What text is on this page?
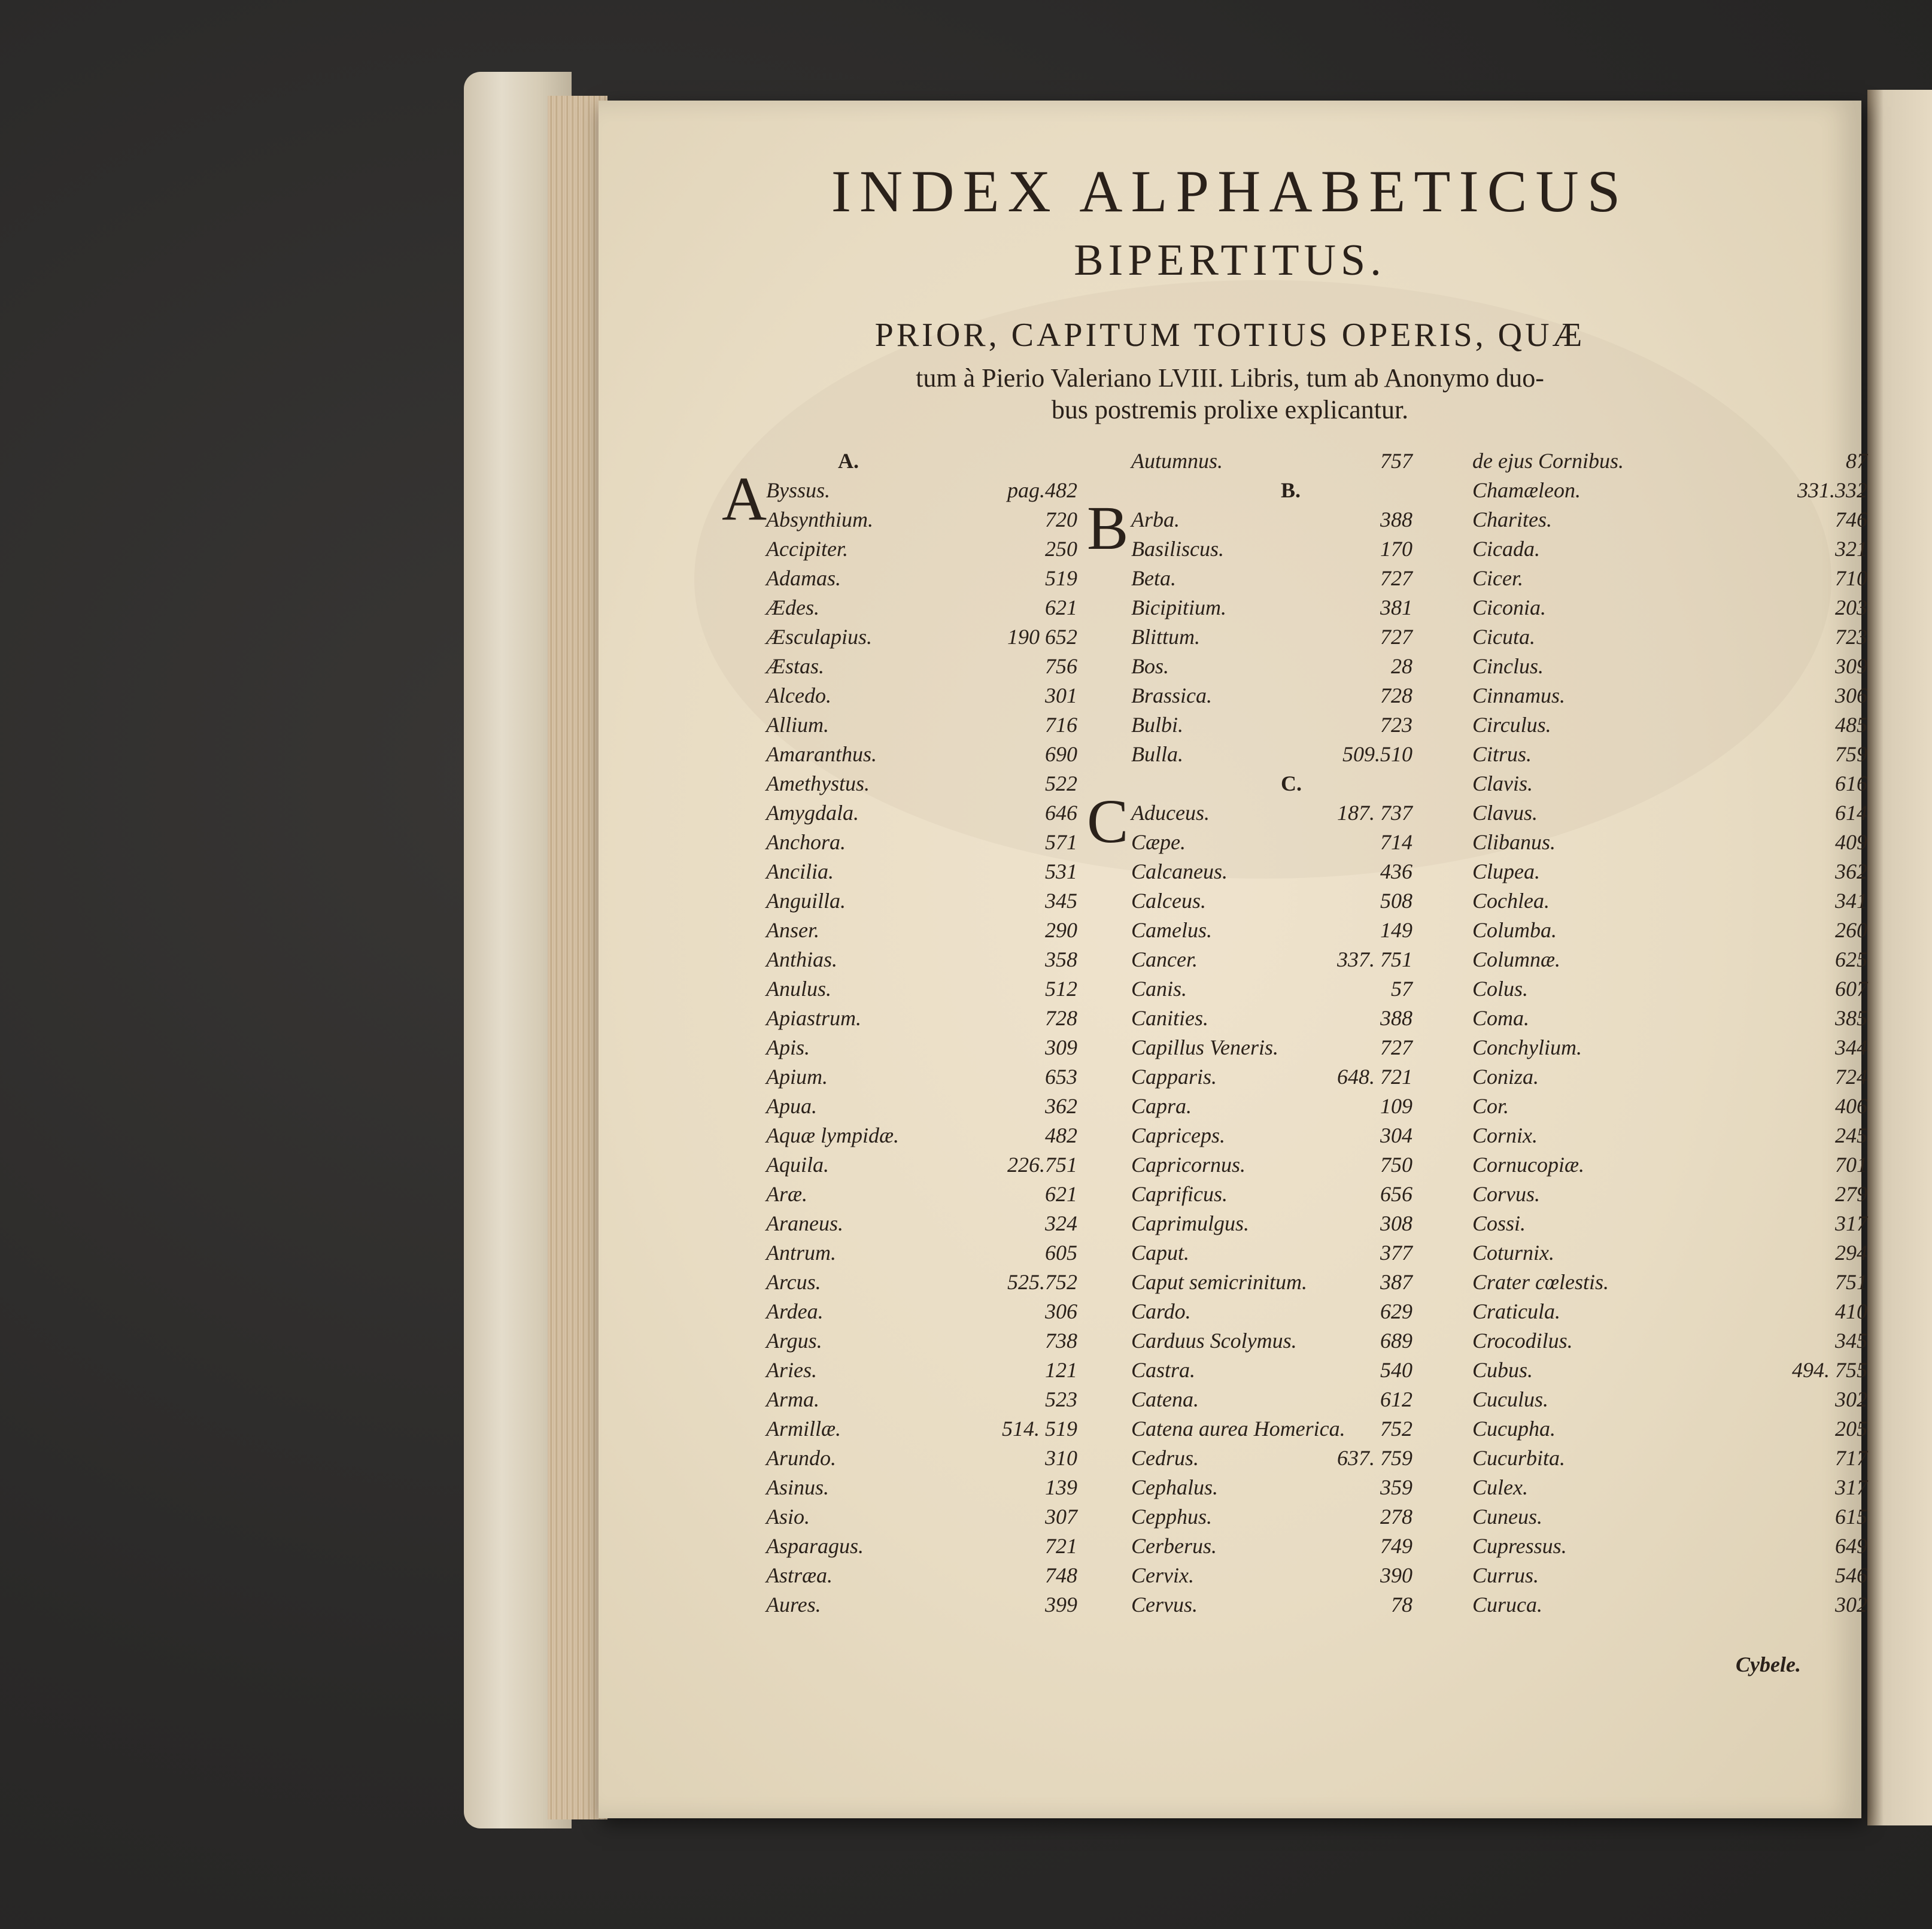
INDEX ALPHABETICUS
BIPERTITUS.
PRIOR, CAPITUM TOTIUS OPERIS, QUÆ
tum à Pierio Valeriano LVIII. Libris, tum ab Anonymo duo-
bus postremis prolixe explicantur.
A.
A
Byssus.	pag.482
Absynthium.	720
Accipiter.	250
Adamas.	519
Ædes.	621
Æsculapius.	190 652
Æstas.	756
Alcedo.	301
Allium.	716
Amaranthus.	690
Amethystus.	522
Amygdala.	646
Anchora.	571
Ancilia.	531
Anguilla.	345
Anser.	290
Anthias.	358
Anulus.	512
Apiastrum.	728
Apis.	309
Apium.	653
Apua.	362
Aquæ lympidæ.	482
Aquila.	226.751
Aræ.	621
Araneus.	324
Antrum.	605
Arcus.	525.752
Ardea.	306
Argus.	738
Aries.	121
Arma.	523
Armillæ.	514. 519
Arundo.	310
Asinus.	139
Asio.	307
Asparagus.	721
Astræa.	748
Aures.	399
Autumnus.	757
B.
B Arba.	388
Basiliscus.	170
Beta.	727
Bicipitium.	381
Blittum.	727
Bos.	28
Brassica.	728
Bulbi.	723
Bulla.	509.510
C.
C Aduceus.	187. 737
Cæpe.	714
Calcaneus.	436
Calceus.	508
Camelus.	149
Cancer.	337. 751
Canis.	57
Canities.	388
Capillus Veneris.	727
Capparis.	648. 721
Capra.	109
Capriceps.	304
Capricornus.	750
Caprificus.	656
Caprimulgus.	308
Caput.	377
Caput semicrinitum.	387
Cardo.	629
Carduus Scolymus.	689
Castra.	540
Catena.	612
Catena aurea Homerica.	752
Cedrus.	637. 759
Cephalus.	359
Cepphus.	278
Cerberus.	749
Cervix.	390
Cervus.	78
de ejus Cornibus.	87
Chamæleon.	331.332
Charites.	746
Cicada.	321
Cicer.	710
Ciconia.	203
Cicuta.	723
Cinclus.	309
Cinnamus.	306
Circulus.	485
Citrus.	759
Clavis.	616
Clavus.	614
Clibanus.	409
Clupea.	362
Cochlea.	341
Columba.	260
Columnæ.	625
Colus.	607
Coma.	385
Conchylium.	344
Coniza.	724
Cor.	406
Cornix.	245
Cornucopiæ.	701
Corvus.	279
Cossi.	317
Coturnix.	294
Crater cœlestis.	751
Craticula.	410
Crocodilus.	345
Cubus.	494. 755
Cuculus.	302
Cucupha.	205
Cucurbita.	717
Culex.	317
Cuneus.	615
Cupressus.	649
Currus.	546
Curuca.	302
Cybele.
